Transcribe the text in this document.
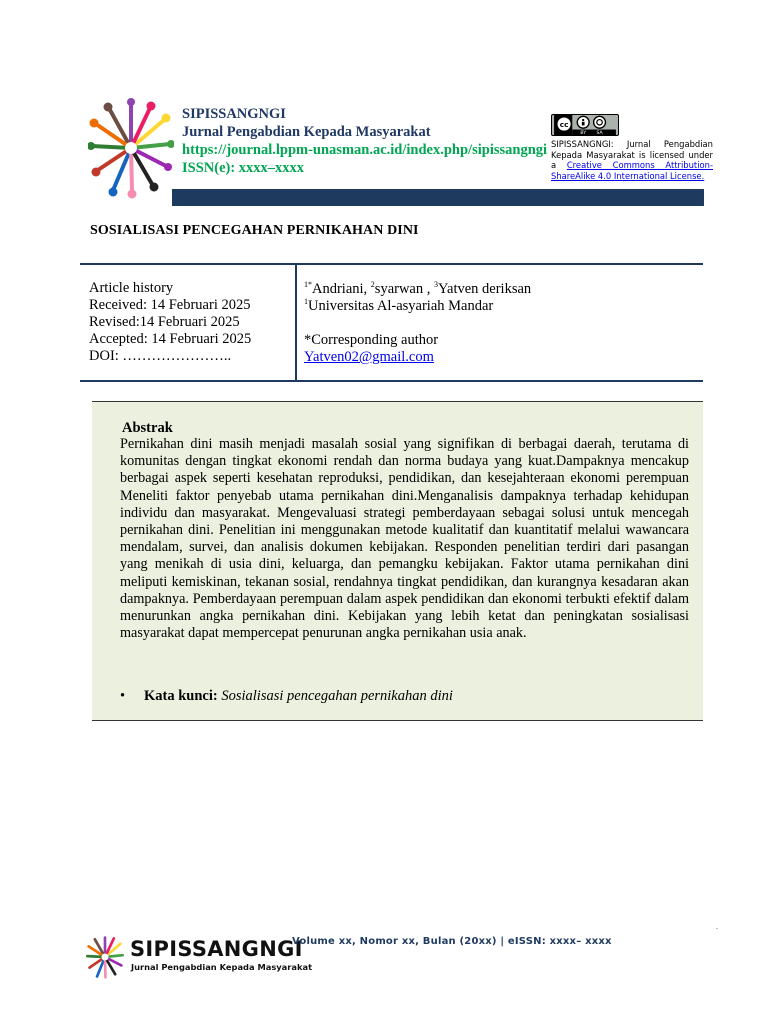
SIPISSANGNGI
Jurnal Pengabdian Kepada Masyarakat
https://journal.lppm-unasman.ac.id/index.php/sipissangngi
ISSN(e): xxxx–xxxx
cc
BY SA
SIPISSANGNGI: Jurnal Pengabdian Kepada Masyarakat is licensed under a Creative Commons Attribution-ShareAlike 4.0 International License.
SOSIALISASI PENCEGAHAN PERNIKAHAN DINI
Article history
Received: 14 Februari 2025
Revised:14 Februari 2025
Accepted: 14 Februari 2025
DOI: …………………..
$^{1*}$Andriani, $^2$syarwan , $^3$Yatven deriksan
$^1$Universitas Al-asyariah Mandar
*Corresponding author
Yatven02@gmail.com
Abstrak
Pernikahan dini masih menjadi masalah sosial yang signifikan di berbagai daerah, terutama di komunitas dengan tingkat ekonomi rendah dan norma budaya yang kuat.Dampaknya mencakup berbagai aspek seperti kesehatan reproduksi, pendidikan, dan kesejahteraan ekonomi perempuan Meneliti faktor penyebab utama pernikahan dini.Menganalisis dampaknya terhadap kehidupan individu dan masyarakat. Mengevaluasi strategi pemberdayaan sebagai solusi untuk mencegah pernikahan dini. Penelitian ini menggunakan metode kualitatif dan kuantitatif melalui wawancara mendalam, survei, dan analisis dokumen kebijakan. Responden penelitian terdiri dari pasangan yang menikah di usia dini, keluarga, dan pemangku kebijakan. Faktor utama pernikahan dini meliputi kemiskinan, tekanan sosial, rendahnya tingkat pendidikan, dan kurangnya kesadaran akan dampaknya. Pemberdayaan perempuan dalam aspek pendidikan dan ekonomi terbukti efektif dalam menurunkan angka pernikahan dini. Kebijakan yang lebih ketat dan peningkatan sosialisasi masyarakat dapat mempercepat penurunan angka pernikahan usia anak.
• Kata kunci: Sosialisasi pencegahan pernikahan dini
.
SIPISSANGNGI
Jurnal Pengabdian Kepada Masyarakat
Volume xx, Nomor xx, Bulan (20xx) | eISSN: xxxx– xxxx
